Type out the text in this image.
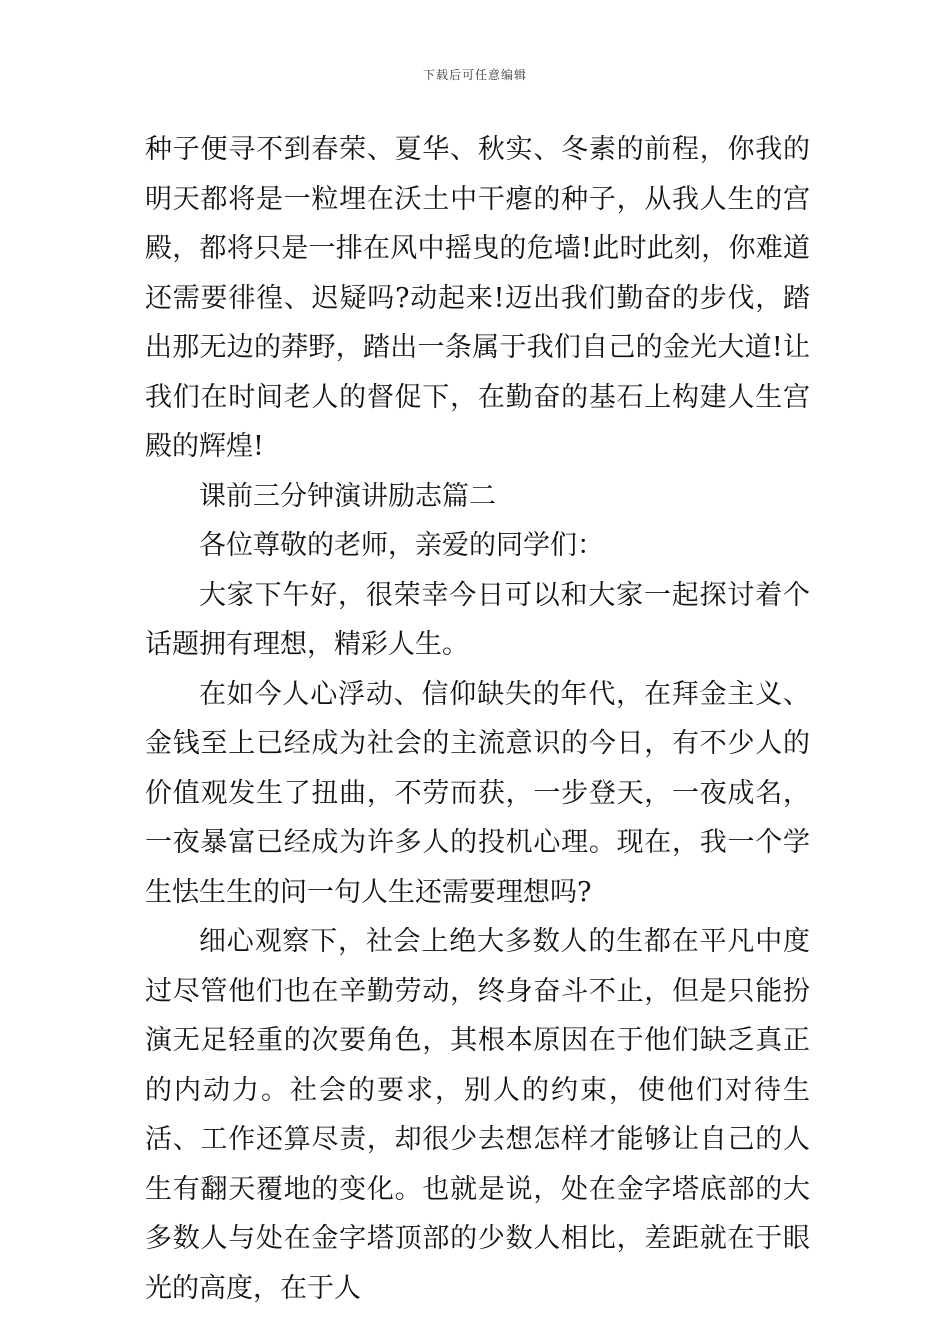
下载后可任意编辑

种子便寻不到春荣、夏华、秋实、冬素的前程，你我的明天都将是一粒埋在沃土中干瘪的种子，从我人生的宫殿，都将只是一排在风中摇曳的危墙!此时此刻，你难道还需要徘徨、迟疑吗?动起来!迈出我们勤奋的步伐，踏出那无边的莽野，踏出一条属于我们自己的金光大道!让我们在时间老人的督促下，在勤奋的基石上构建人生宫殿的辉煌!

课前三分钟演讲励志篇二

各位尊敬的老师，亲爱的同学们：

大家下午好，很荣幸今日可以和大家一起探讨着个话题拥有理想，精彩人生。

在如今人心浮动、信仰缺失的年代，在拜金主义、金钱至上已经成为社会的主流意识的今日，有不少人的价值观发生了扭曲，不劳而获，一步登天，一夜成名，一夜暴富已经成为许多人的投机心理。现在，我一个学生怯生生的问一句人生还需要理想吗?

细心观察下，社会上绝大多数人的生都在平凡中度过尽管他们也在辛勤劳动，终身奋斗不止，但是只能扮演无足轻重的次要角色，其根本原因在于他们缺乏真正的内动力。社会的要求，别人的约束，使他们对待生活、工作还算尽责，却很少去想怎样才能够让自己的人生有翻天覆地的变化。也就是说，处在金字塔底部的大多数人与处在金字塔顶部的少数人相比，差距就在于眼光的高度，在于人
